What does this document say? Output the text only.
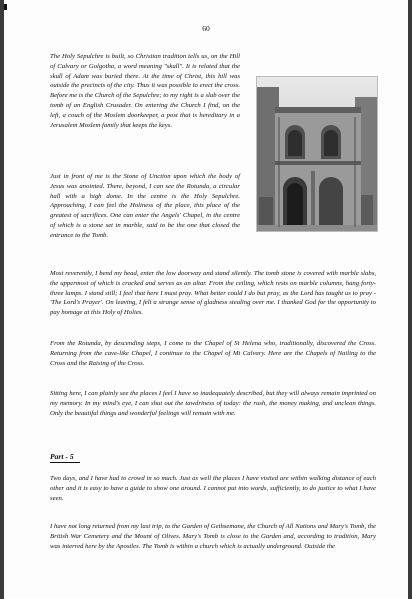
60

The Holy Sepulchre is built, so Christian tradition tells us, on the Hill of Calvary or Golgotha, a word meaning "skull". It is related that the skull of Adam was buried there. At the time of Christ, this hill was outside the precincts of the city. Thus it was possible to erect the cross. Before me is the Church of the Sepulchre; to my right is a slab over the tomb of an English Crusader. On entering the Church I find, on the left, a couch of the Moslem doorkeeper, a post that is hereditary in a Jerusalem Moslem family that keeps the keys.

Just in front of me is the Stone of Unction upon which the body of Jesus was anointed. There, beyond, I can see the Rotunda, a circular hall with a high dome. In the centre is the Holy Sepulchre. Approaching, I can feel the Holiness of the place, this place of the greatest of sacrifices. One can enter the Angels' Chapel, in the centre of which is a stone set in marble, said to be the one that closed the entrance to the Tomb.

Most reverently, I bend my head, enter the low doorway and stand silently. The tomb stone is covered with marble slabs, the uppermost of which is cracked and serves as an altar. From the ceiling, which rests on marble columns, hang forty-three lamps. I stand still; I feel that here I must pray. What better could I do but pray, as the Lord has taught us to pray - 'The Lord's Prayer'. On leaving, I felt a strange sense of gladness stealing over me. I thanked God for the opportunity to pay homage at this Holy of Holies.

From the Rotunda, by descending steps, I come to the Chapel of St Helena who, traditionally, discovered the Cross. Returning from the cave-like Chapel, I continue to the Chapel of Mt Calvary. Here are the Chapels of Nailing to the Cross and the Raising of the Cross.

Sitting here, I can plainly see the places I feel I have so inadequately described, but they will always remain imprinted on my memory. In my mind's eye, I can shut out the tawdriness of today: the rush, the money making, and unclean things. Only the beautiful things and wonderful feelings will remain with me.

Part - 5

Two days, and I have had to crowd in so much. Just as well the places I have visited are within walking distance of each other and it is easy to have a guide to show one around. I cannot put into words, sufficiently, to do justice to what I have seen.

I have not long returned from my last trip, to the Garden of Gethsemane, the Church of All Nations and Mary's Tomb, the British War Cemetery and the Mount of Olives. Mary's Tomb is close to the Garden and, according to tradition, Mary was interred here by the Apostles. The Tomb is within a church which is actually underground. Outside the
